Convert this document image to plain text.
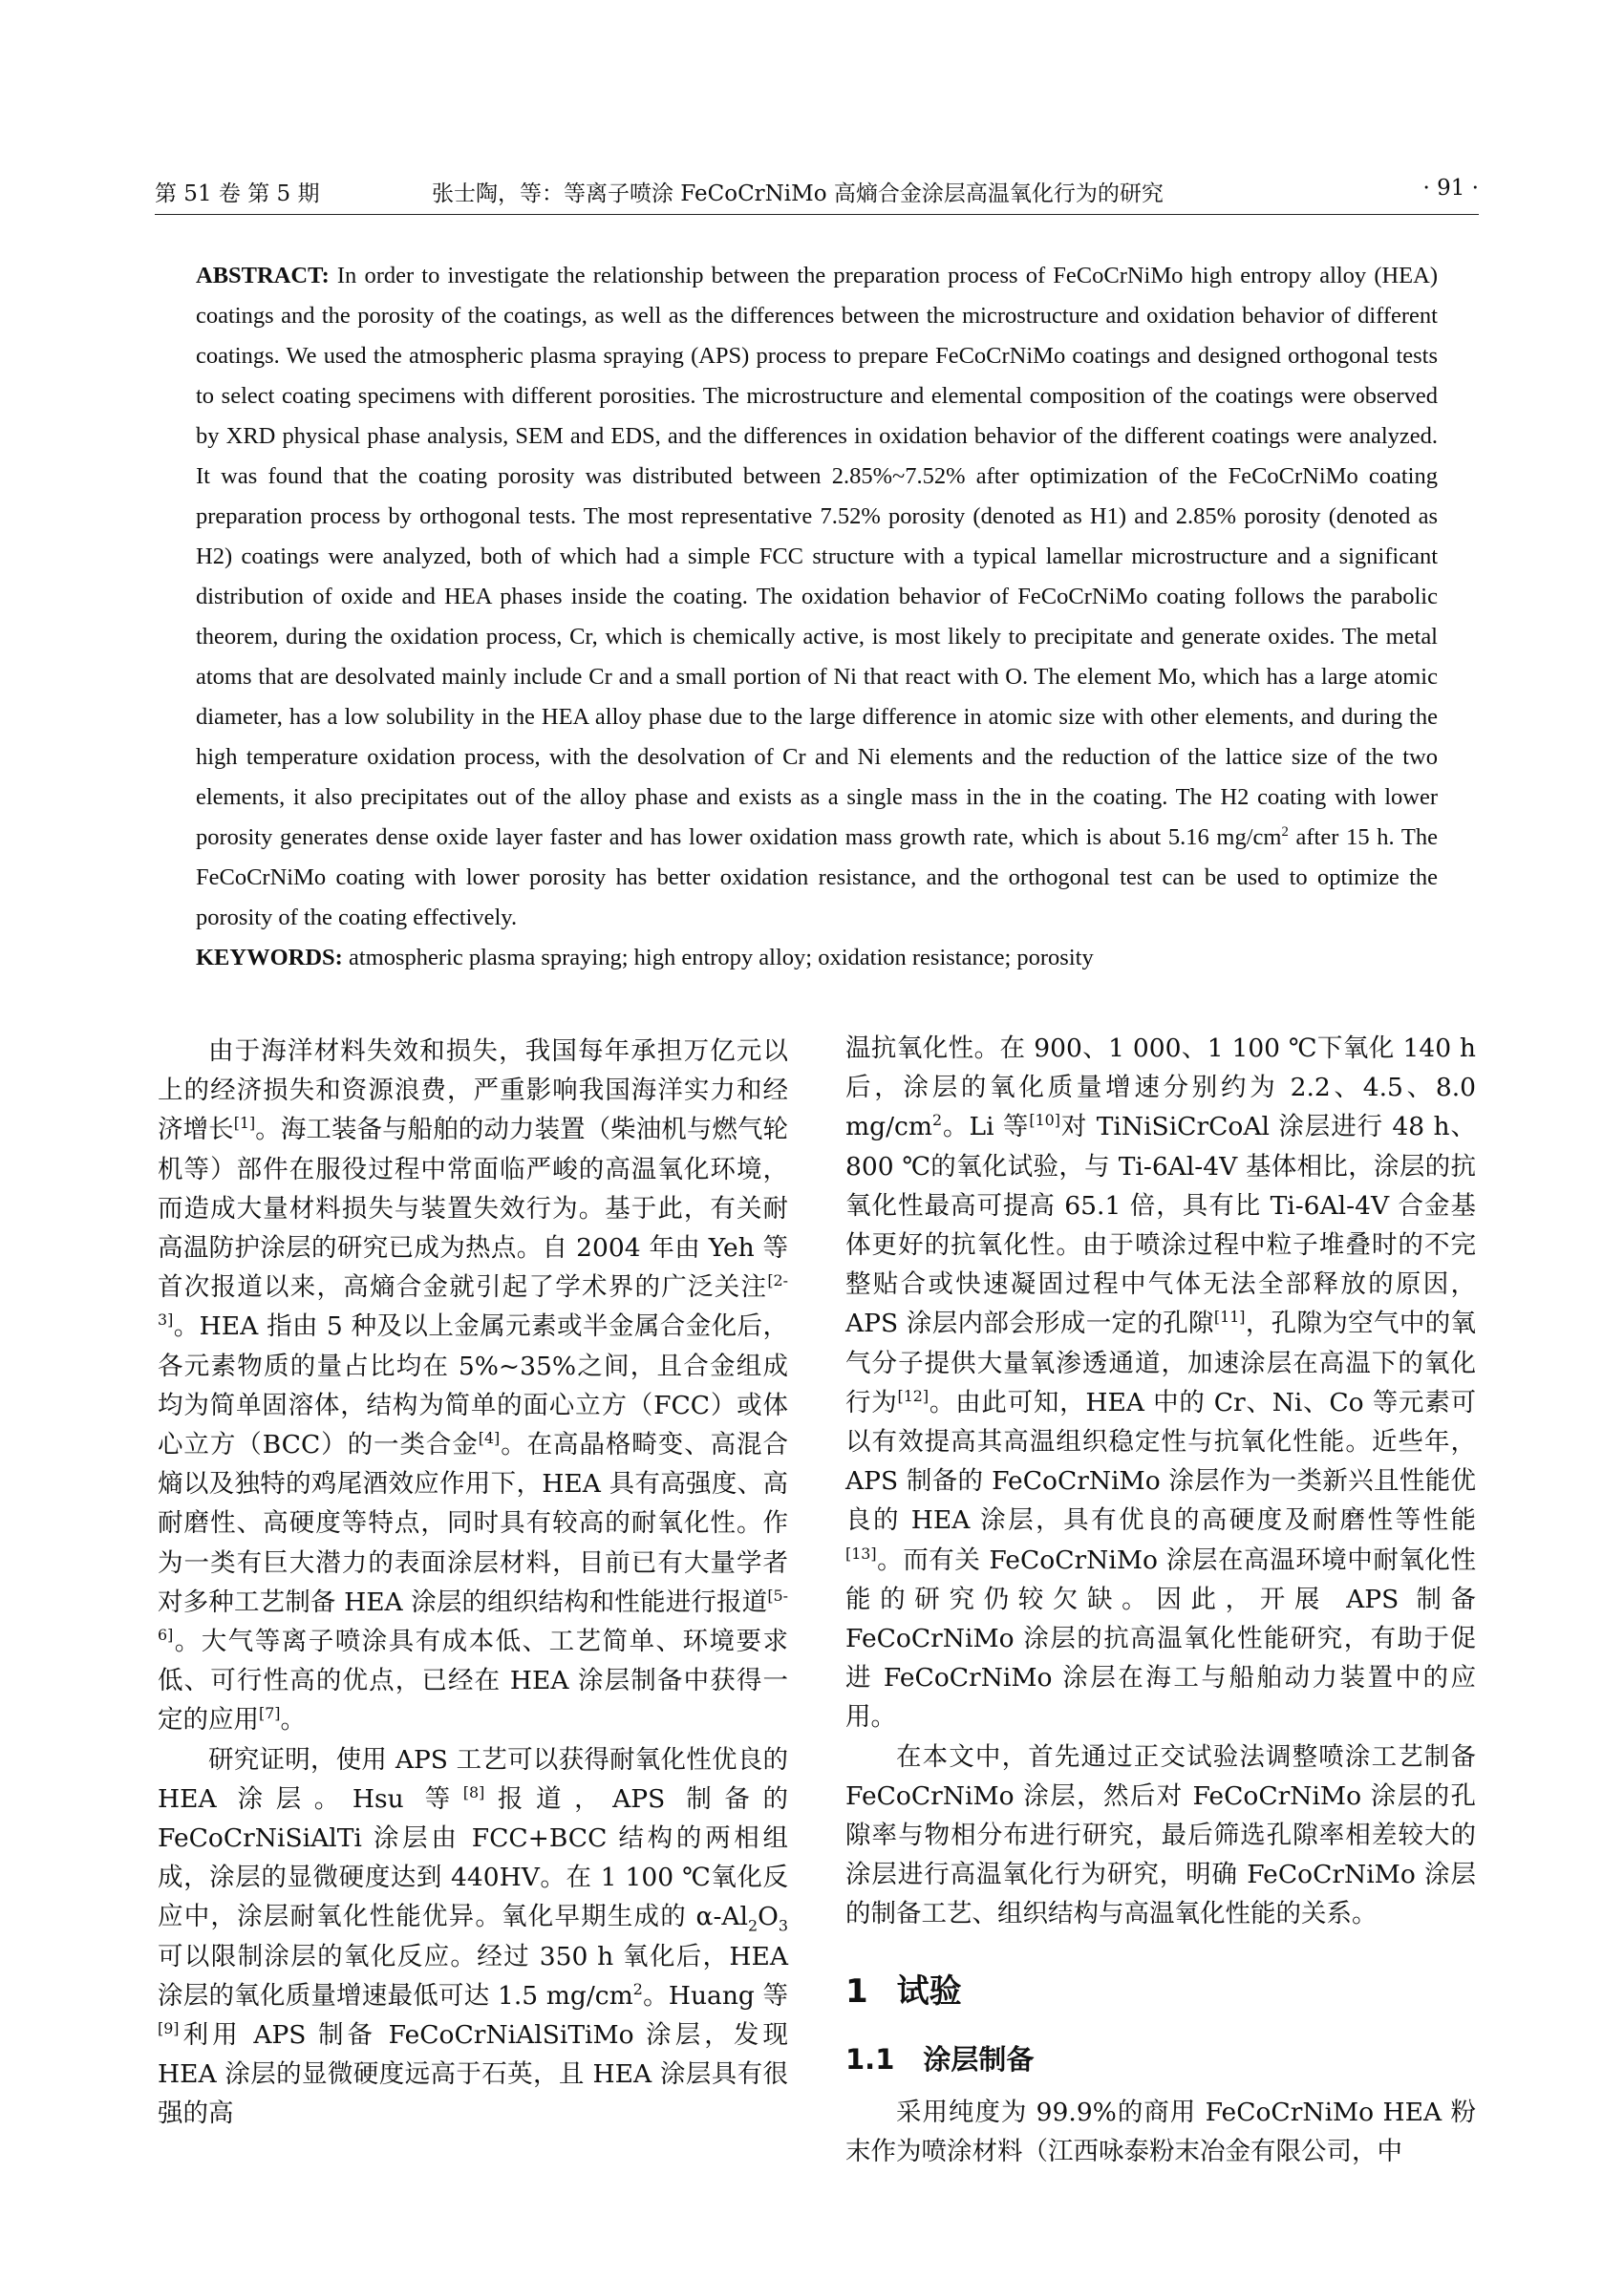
第 51 卷 第 5 期	张士陶，等：等离子喷涂 FeCoCrNiMo 高熵合金涂层高温氧化行为的研究	· 91 ·

ABSTRACT: In order to investigate the relationship between the preparation process of FeCoCrNiMo high entropy alloy (HEA) coatings and the porosity of the coatings, as well as the differences between the microstructure and oxidation behavior of different coatings. We used the atmospheric plasma spraying (APS) process to prepare FeCoCrNiMo coatings and designed orthogonal tests to select coating specimens with different porosities. The microstructure and elemental composition of the coatings were observed by XRD physical phase analysis, SEM and EDS, and the differences in oxidation behavior of the different coatings were analyzed. It was found that the coating porosity was distributed between 2.85%~7.52% after optimization of the FeCoCrNiMo coating preparation process by orthogonal tests. The most representative 7.52% porosity (denoted as H1) and 2.85% porosity (denoted as H2) coatings were analyzed, both of which had a simple FCC structure with a typical lamellar microstructure and a significant distribution of oxide and HEA phases inside the coating. The oxidation behavior of FeCoCrNiMo coating follows the parabolic theorem, during the oxidation process, Cr, which is chemically active, is most likely to precipitate and generate oxides. The metal atoms that are desolvated mainly include Cr and a small portion of Ni that react with O. The element Mo, which has a large atomic diameter, has a low solubility in the HEA alloy phase due to the large difference in atomic size with other elements, and during the high temperature oxidation process, with the desolvation of Cr and Ni elements and the reduction of the lattice size of the two elements, it also precipitates out of the alloy phase and exists as a single mass in the in the coating. The H2 coating with lower porosity generates dense oxide layer faster and has lower oxidation mass growth rate, which is about 5.16 $mg/cm^2$ after 15 h. The FeCoCrNiMo coating with lower porosity has better oxidation resistance, and the orthogonal test can be used to optimize the porosity of the coating effectively.

KEYWORDS: atmospheric plasma spraying; high entropy alloy; oxidation resistance; porosity

由于海洋材料失效和损失，我国每年承担万亿元以上的经济损失和资源浪费，严重影响我国海洋实力和经济增长[1]。海工装备与船舶的动力装置（柴油机与燃气轮机等）部件在服役过程中常面临严峻的高温氧化环境，而造成大量材料损失与装置失效行为。基于此，有关耐高温防护涂层的研究已成为热点。自 2004 年由 Yeh 等首次报道以来，高熵合金就引起了学术界的广泛关注[2-3]。HEA 指由 5 种及以上金属元素或半金属合金化后，各元素物质的量占比均在 5%~35%之间，且合金组成均为简单固溶体，结构为简单的面心立方（FCC）或体心立方（BCC）的一类合金[4]。在高晶格畸变、高混合熵以及独特的鸡尾酒效应作用下，HEA 具有高强度、高耐磨性、高硬度等特点，同时具有较高的耐氧化性。作为一类有巨大潜力的表面涂层材料，目前已有大量学者对多种工艺制备 HEA 涂层的组织结构和性能进行报道[5-6]。大气等离子喷涂具有成本低、工艺简单、环境要求低、可行性高的优点，已经在 HEA 涂层制备中获得一定的应用[7]。

研究证明，使用 APS 工艺可以获得耐氧化性优良的 HEA 涂层。Hsu 等[8]报道，APS 制备的 FeCoCrNiSiAlTi 涂层由 FCC+BCC 结构的两相组成，涂层的显微硬度达到 440HV。在 1 100 ℃氧化反应中，涂层耐氧化性能优异。氧化早期生成的 $\alpha-Al_2O_3$ 可以限制涂层的氧化反应。经过 350 h 氧化后，HEA 涂层的氧化质量增速最低可达 1.5 $mg/cm^2$。Huang 等[9]利用 APS 制备 FeCoCrNiAlSiTiMo 涂层，发现 HEA 涂层的显微硬度远高于石英，且 HEA 涂层具有很强的高

温抗氧化性。在 900、1 000、1 100 ℃下氧化 140 h 后，涂层的氧化质量增速分别约为 2.2、4.5、8.0 $mg/cm^2$。Li 等[10]对 TiNiSiCrCoAl 涂层进行 48 h、800 ℃的氧化试验，与 Ti-6Al-4V 基体相比，涂层的抗氧化性最高可提高 65.1 倍，具有比 Ti-6Al-4V 合金基体更好的抗氧化性。由于喷涂过程中粒子堆叠时的不完整贴合或快速凝固过程中气体无法全部释放的原因，APS 涂层内部会形成一定的孔隙[11]，孔隙为空气中的氧气分子提供大量氧渗透通道，加速涂层在高温下的氧化行为[12]。由此可知，HEA 中的 Cr、Ni、Co 等元素可以有效提高其高温组织稳定性与抗氧化性能。近些年，APS 制备的 FeCoCrNiMo 涂层作为一类新兴且性能优良的 HEA 涂层，具有优良的高硬度及耐磨性等性能[13]。而有关 FeCoCrNiMo 涂层在高温环境中耐氧化性能的研究仍较欠缺。因此，开展 APS 制备 FeCoCrNiMo 涂层的抗高温氧化性能研究，有助于促进 FeCoCrNiMo 涂层在海工与船舶动力装置中的应用。

在本文中，首先通过正交试验法调整喷涂工艺制备 FeCoCrNiMo 涂层，然后对 FeCoCrNiMo 涂层的孔隙率与物相分布进行研究，最后筛选孔隙率相差较大的涂层进行高温氧化行为研究，明确 FeCoCrNiMo 涂层的制备工艺、组织结构与高温氧化性能的关系。

1 试验
1.1 涂层制备

采用纯度为 99.9%的商用 FeCoCrNiMo HEA 粉末作为喷涂材料（江西咏泰粉末冶金有限公司，中
